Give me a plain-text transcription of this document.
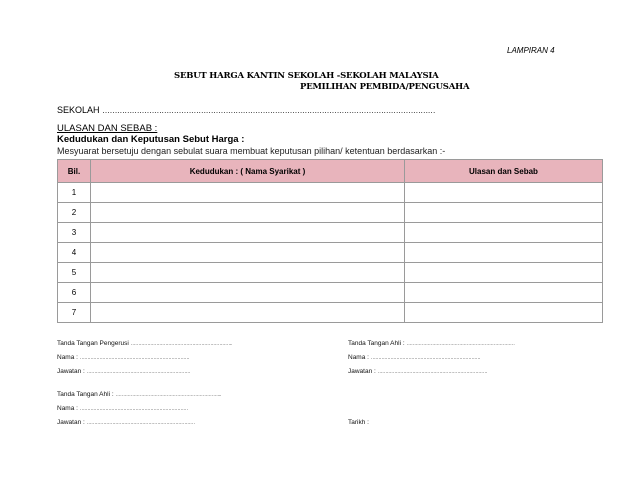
LAMPIRAN 4
SEBUT HARGA KANTIN SEKOLAH -SEKOLAH MALAYSIA
PEMILIHAN PEMBIDA/PENGUSAHA
SEKOLAH ………………………………………………………………………………………………………………………
ULASAN DAN SEBAB :
Kedudukan dan Keputusan Sebut Harga :
Mesyuarat bersetuju dengan sebulat suara membuat keputusan pilihan/ ketentuan berdasarkan :-
Bil.	Kedudukan : ( Nama Syarikat )	Ulasan dan Sebab
1		
2		
3		
4		
5		
6		
7		
Tanda Tangan Pengerusi …………………………………………………………..
Nama : ……………………………………………………………….
Jawatan : ……………………………………………………………
Tanda Tangan Ahli : ………………………………………………………………
Nama : ……………………………………………………………….
Jawatan : ……………………………………………………………….
Tanda Tangan Ahli : ……………………………………………………………..
Nama : ………………………………………………………………
Jawatan : ………………………………………………………………	Tarikh :
